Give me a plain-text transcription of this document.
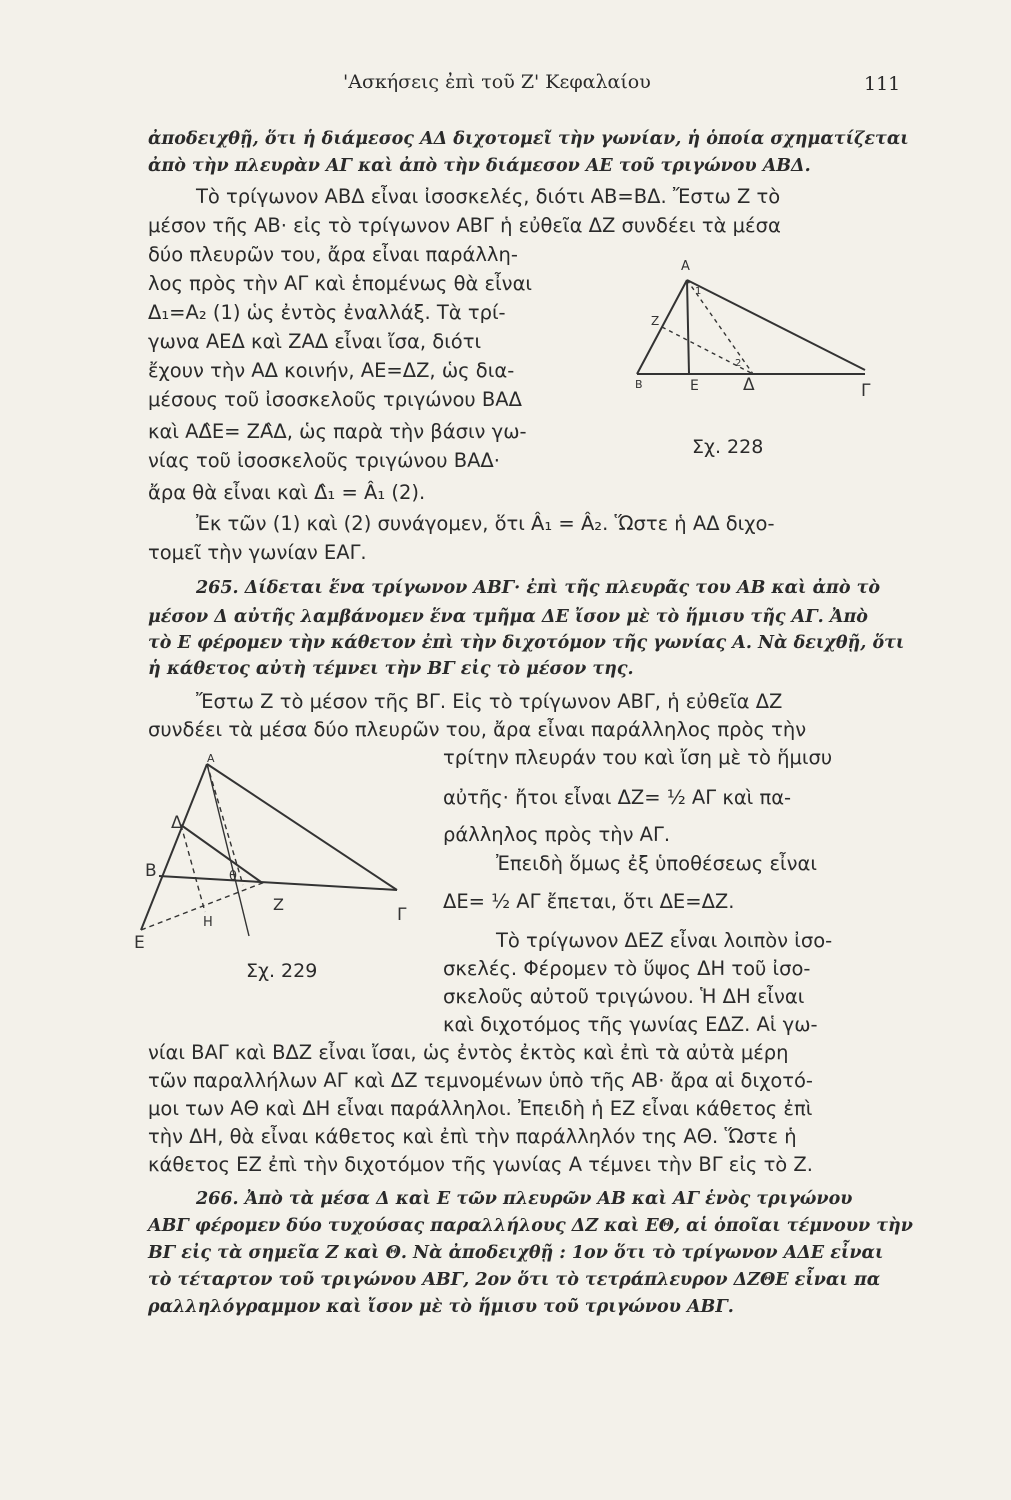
'Ασκήσεις ἐπὶ τοῦ Ζ' Κεφαλαίου	111
ἀποδειχθῇ, ὅτι ἡ διάμεσος ΑΔ διχοτομεῖ τὴν γωνίαν, ἡ ὁποία σχηματίζεται
ἀπὸ τὴν πλευρὰν ΑΓ καὶ ἀπὸ τὴν διάμεσον ΑΕ τοῦ τριγώνου ΑΒΔ.
Τὸ τρίγωνον ΑΒΔ εἶναι ἰσοσκελές, διότι ΑΒ=ΒΔ. Ἔστω Ζ τὸ
μέσον τῆς ΑΒ· εἰς τὸ τρίγωνον ΑΒΓ ἡ εὐθεῖα ΔΖ συνδέει τὰ μέσα
δύο πλευρῶν του, ἄρα εἶναι παράλλη-
λος πρὸς τὴν ΑΓ καὶ ἑπομένως θὰ εἶναι
Δ₁=Α₂ (1) ὡς ἐντὸς ἐναλλάξ. Τὰ τρί-
γωνα ΑΕΔ καὶ ΖΑΔ εἶναι ἴσα, διότι
ἔχουν τὴν ΑΔ κοινήν, ΑΕ=ΔΖ, ὡς δια-
μέσους τοῦ ἰσοσκελοῦς τριγώνου ΒΑΔ
καὶ ΑΔ̂Ε= ΖΑ̂Δ, ὡς παρὰ τὴν βάσιν γω-
νίας τοῦ ἰσοσκελοῦς τριγώνου ΒΑΔ·
ἄρα θὰ εἶναι καὶ Δ̂₁ = Â₁ (2).
Ἐκ τῶν (1) καὶ (2) συνάγομεν, ὅτι Â₁ = Â₂. Ὥστε ἡ ΑΔ διχο-
τομεῖ τὴν γωνίαν ΕΑΓ.
265. Δίδεται ἕνα τρίγωνον ΑΒΓ· ἐπὶ τῆς πλευρᾶς του ΑΒ καὶ ἀπὸ τὸ
μέσον Δ αὐτῆς λαμβάνομεν ἕνα τμῆμα ΔΕ ἴσον μὲ τὸ ἥμισυ τῆς ΑΓ. Ἀπὸ
τὸ Ε φέρομεν τὴν κάθετον ἐπὶ τὴν διχοτόμον τῆς γωνίας Α. Νὰ δειχθῇ, ὅτι
ἡ κάθετος αὐτὴ τέμνει τὴν ΒΓ εἰς τὸ μέσον της.
Ἔστω Ζ τὸ μέσον τῆς ΒΓ. Εἰς τὸ τρίγωνον ΑΒΓ, ἡ εὐθεῖα ΔΖ
συνδέει τὰ μέσα δύο πλευρῶν του, ἄρα εἶναι παράλληλος πρὸς τὴν
τρίτην πλευράν του καὶ ἴση μὲ τὸ ἥμισυ
αὐτῆς· ἤτοι εἶναι ΔΖ= ½ ΑΓ καὶ πα-
ράλληλος πρὸς τὴν ΑΓ.
Ἐπειδὴ ὅμως ἐξ ὑποθέσεως εἶναι
ΔΕ= ½ ΑΓ ἔπεται, ὅτι ΔΕ=ΔΖ.
Τὸ τρίγωνον ΔΕΖ εἶναι λοιπὸν ἰσο-
σκελές. Φέρομεν τὸ ὕψος ΔΗ τοῦ ἰσο-
σκελοῦς αὐτοῦ τριγώνου. Ἡ ΔΗ εἶναι
καὶ διχοτόμος τῆς γωνίας ΕΔΖ. Αἱ γω-
νίαι ΒΑΓ καὶ ΒΔΖ εἶναι ἴσαι, ὡς ἐντὸς ἐκτὸς καὶ ἐπὶ τὰ αὐτὰ μέρη
τῶν παραλλήλων ΑΓ καὶ ΔΖ τεμνομένων ὑπὸ τῆς ΑΒ· ἄρα αἱ διχοτό-
μοι των ΑΘ καὶ ΔΗ εἶναι παράλληλοι. Ἐπειδὴ ἡ ΕΖ εἶναι κάθετος ἐπὶ
τὴν ΔΗ, θὰ εἶναι κάθετος καὶ ἐπὶ τὴν παράλληλόν της ΑΘ. Ὥστε ἡ
κάθετος ΕΖ ἐπὶ τὴν διχοτόμον τῆς γωνίας Α τέμνει τὴν ΒΓ εἰς τὸ Ζ.
266. Ἀπὸ τὰ μέσα Δ καὶ Ε τῶν πλευρῶν ΑΒ καὶ ΑΓ ἑνὸς τριγώνου
ΑΒΓ φέρομεν δύο τυχούσας παραλλήλους ΔΖ καὶ ΕΘ, αἱ ὁποῖαι τέμνουν τὴν
ΒΓ εἰς τὰ σημεῖα Ζ καὶ Θ. Νὰ ἀποδειχθῇ : 1ον ὅτι τὸ τρίγωνον ΑΔΕ εἶναι
τὸ τέταρτον τοῦ τριγώνου ΑΒΓ, 2ον ὅτι τὸ τετράπλευρον ΔΖΘΕ εἶναι πα
ραλληλόγραμμον καὶ ἴσον μὲ τὸ ἥμισυ τοῦ τριγώνου ΑΒΓ.
A
B	E	Δ	Γ
Z
1
2
Σχ. 228
A
Δ
B
E
H
θ
Z
Γ
Σχ. 229
